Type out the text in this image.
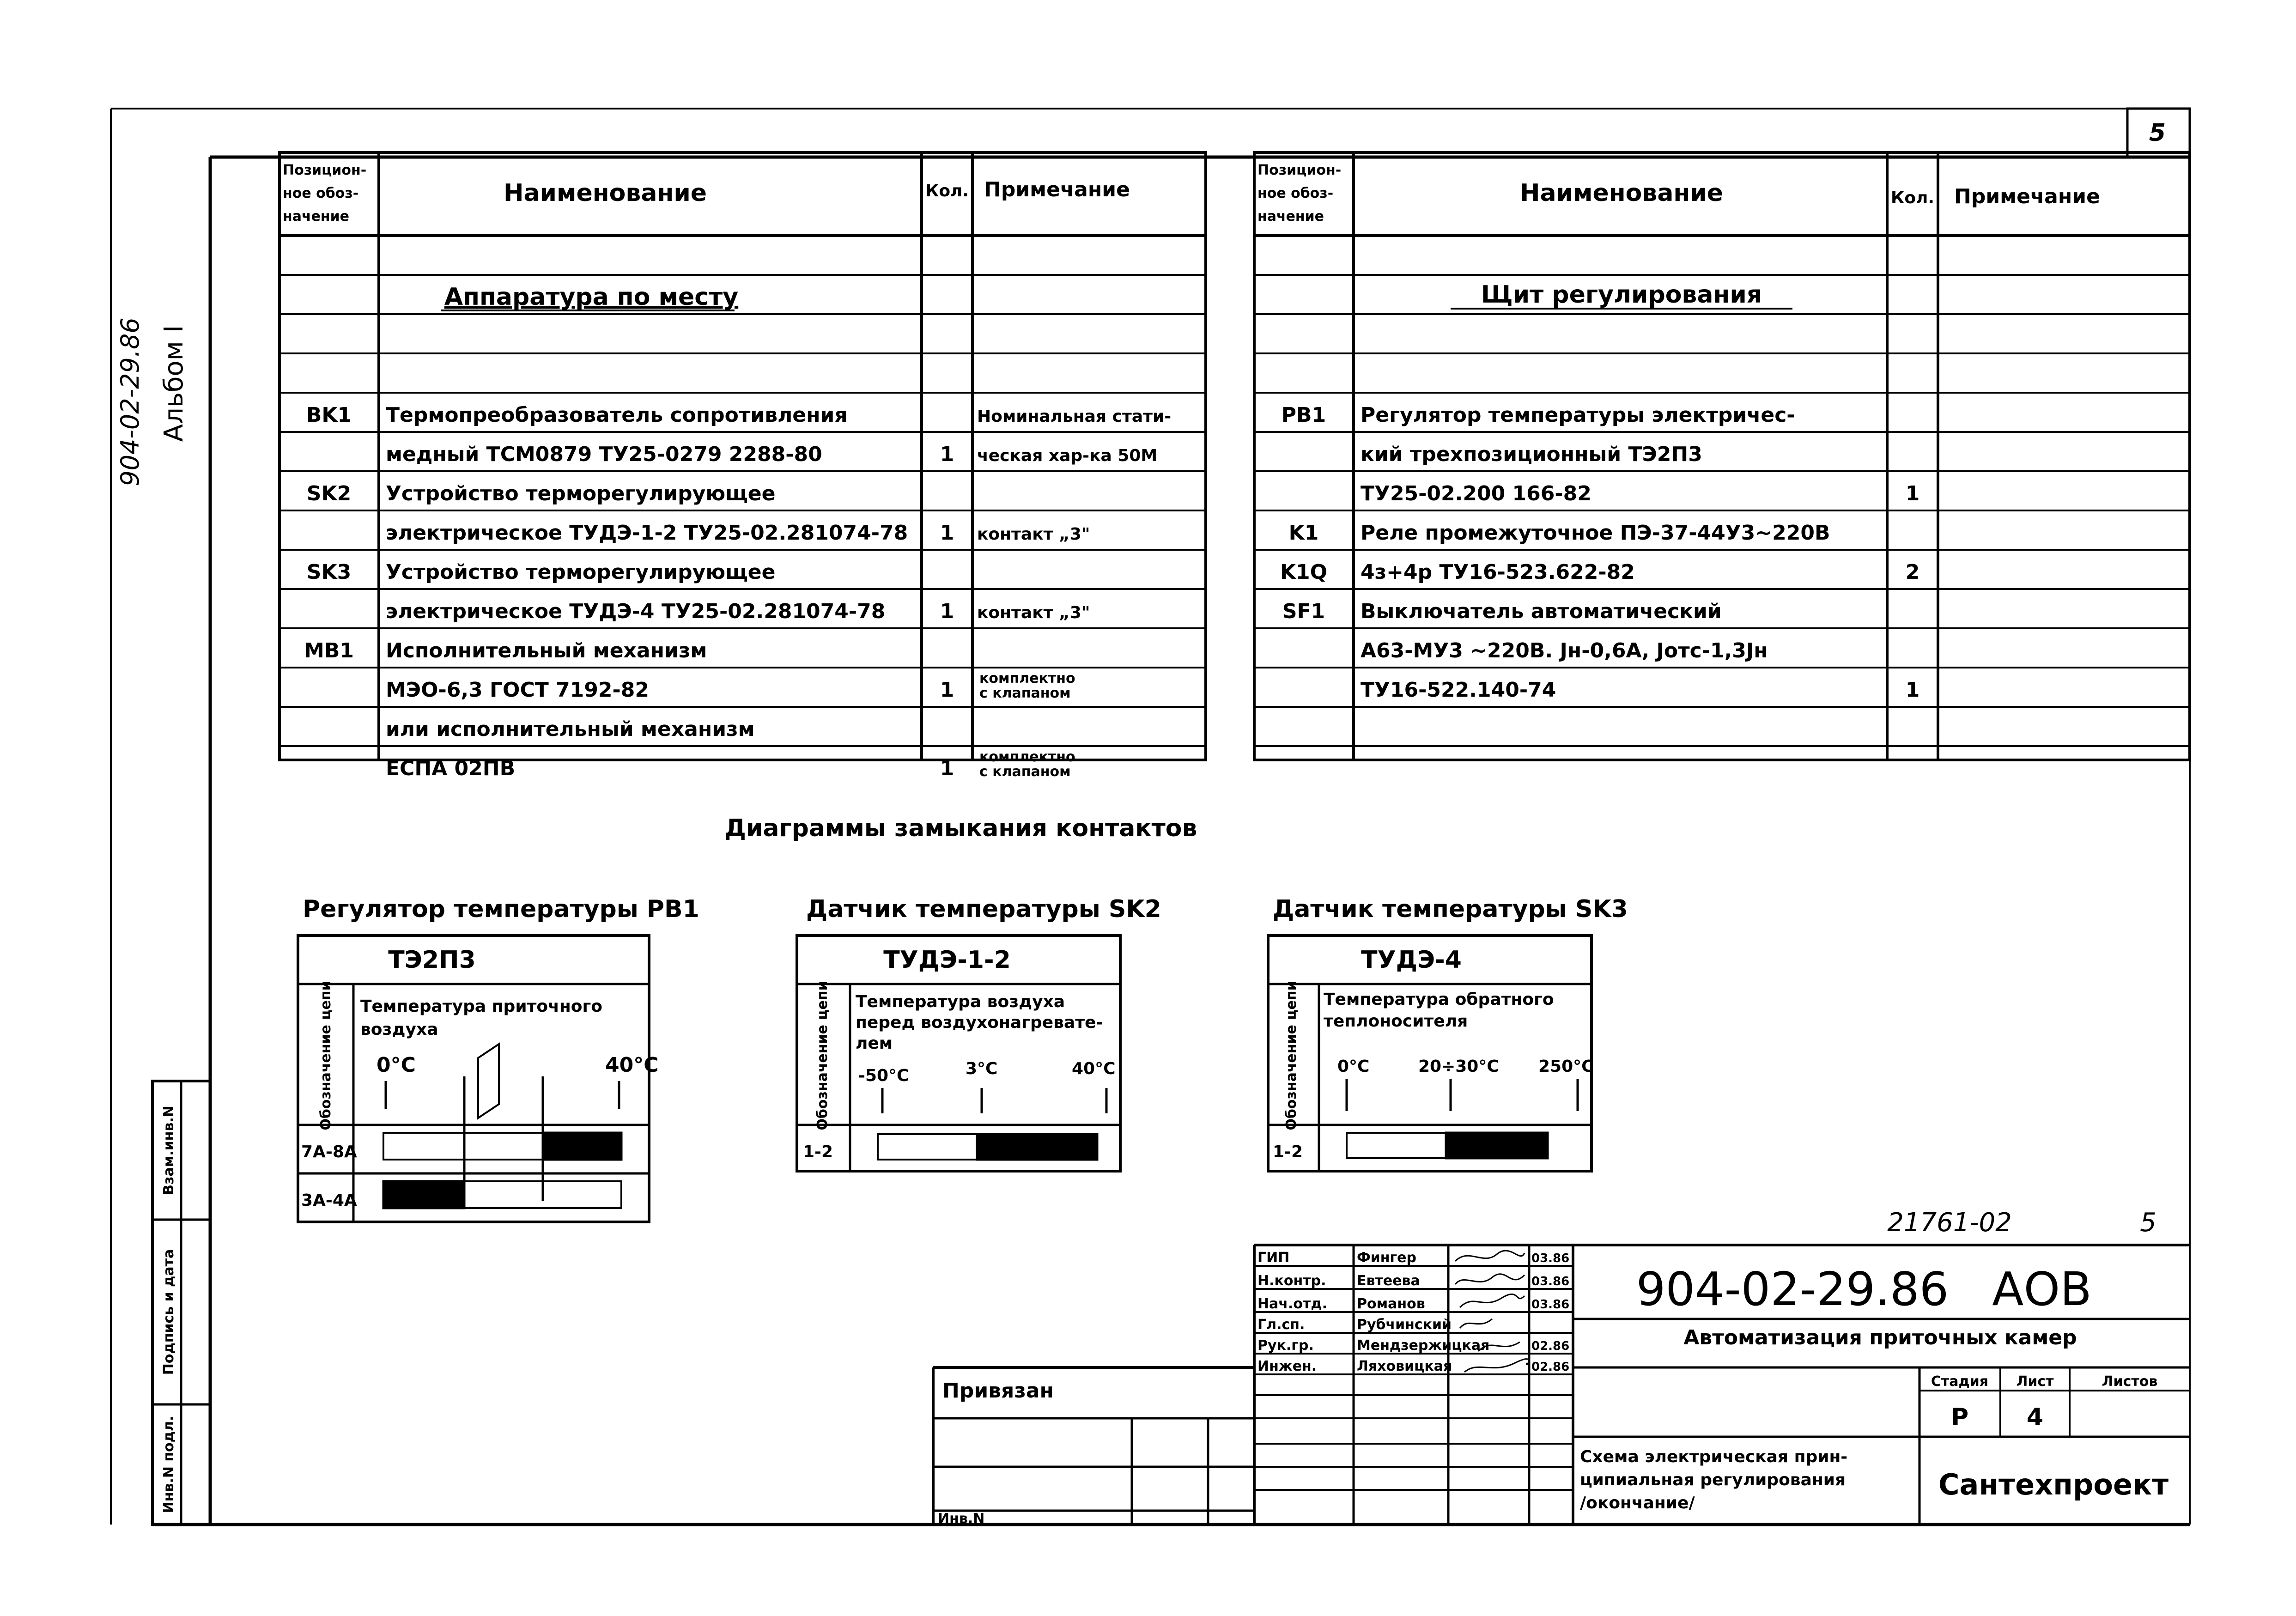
5
904-02-29.86 Альбом I
Инв.N подл.
Подпись и дата
Взам.инв.N
Позицион-
ное обоз-
начение
Наименование	Кол. Примечание
Аппаратура по месту
BK1 Термопреобразователь сопротивления	Номинальная стати-
медный ТСМ0879 ТУ25-0279 2288-80	1 ческая хар-ка 50М
SK2 Устройство терморегулирующее
электрическое ТУДЭ-1-2 ТУ25-02.281074-78 1 контакт „3"
SK3 Устройство терморегулирующее
электрическое ТУДЭ-4 ТУ25-02.281074-78	1 контакт „3"
MB1 Исполнительный механизм
МЭО-6,3 ГОСТ 7192-82	1 комплектно
с клапаном
или исполнительный механизм
ЕСПА 02ПВ	1 комплектно
с клапаном
Позицион-
ное обоз-
начение
Наименование	Кол. Примечание
Щит регулирования
PB1 Регулятор температуры электричес-
кий трехпозиционный ТЭ2П3
ТУ25-02.200 166-82	1
K1 Реле промежуточное ПЭ-37-44У3~220В
K1Q 4з+4р ТУ16-523.622-82	2
SF1 Выключатель автоматический
А63-МУ3 ~220В. Jн-0,6А, Jотс-1,3Jн
ТУ16-522.140-74	1
Диаграммы замыкания контактов
Регулятор температуры PB1
ТЭ2П3
Обозначение цепи Температура приточного
воздуха
0°С	40°С
7А-8А
3А-4А
Датчик температуры SK2
ТУДЭ-1-2
Обозначение цепи Температура воздуха
перед воздухонагревате-
лем
-50°С	3°С	40°С
1-2
Датчик температуры SK3
ТУДЭ-4
Обозначение цепи Температура обратного
теплоносителя
0°С	20÷30°С 250°С
1-2
21761-02	5
ГИП	Фингер	03.86
Н.контр. Евтеева	03.86
Нач.отд. Романов	03.86
Гл.сп.	Рубчинский
Рук.гр.	Мендзержицкая	02.86
Инжен.	Ляховицкая	02.86
904-02-29.86 АОВ
Автоматизация приточных камер
Стадия Лист	Листов
Р 4
Схема электрическая прин-
ципиальная регулирования
/окончание/
Сантехпроект
Привязан
Инв.N
